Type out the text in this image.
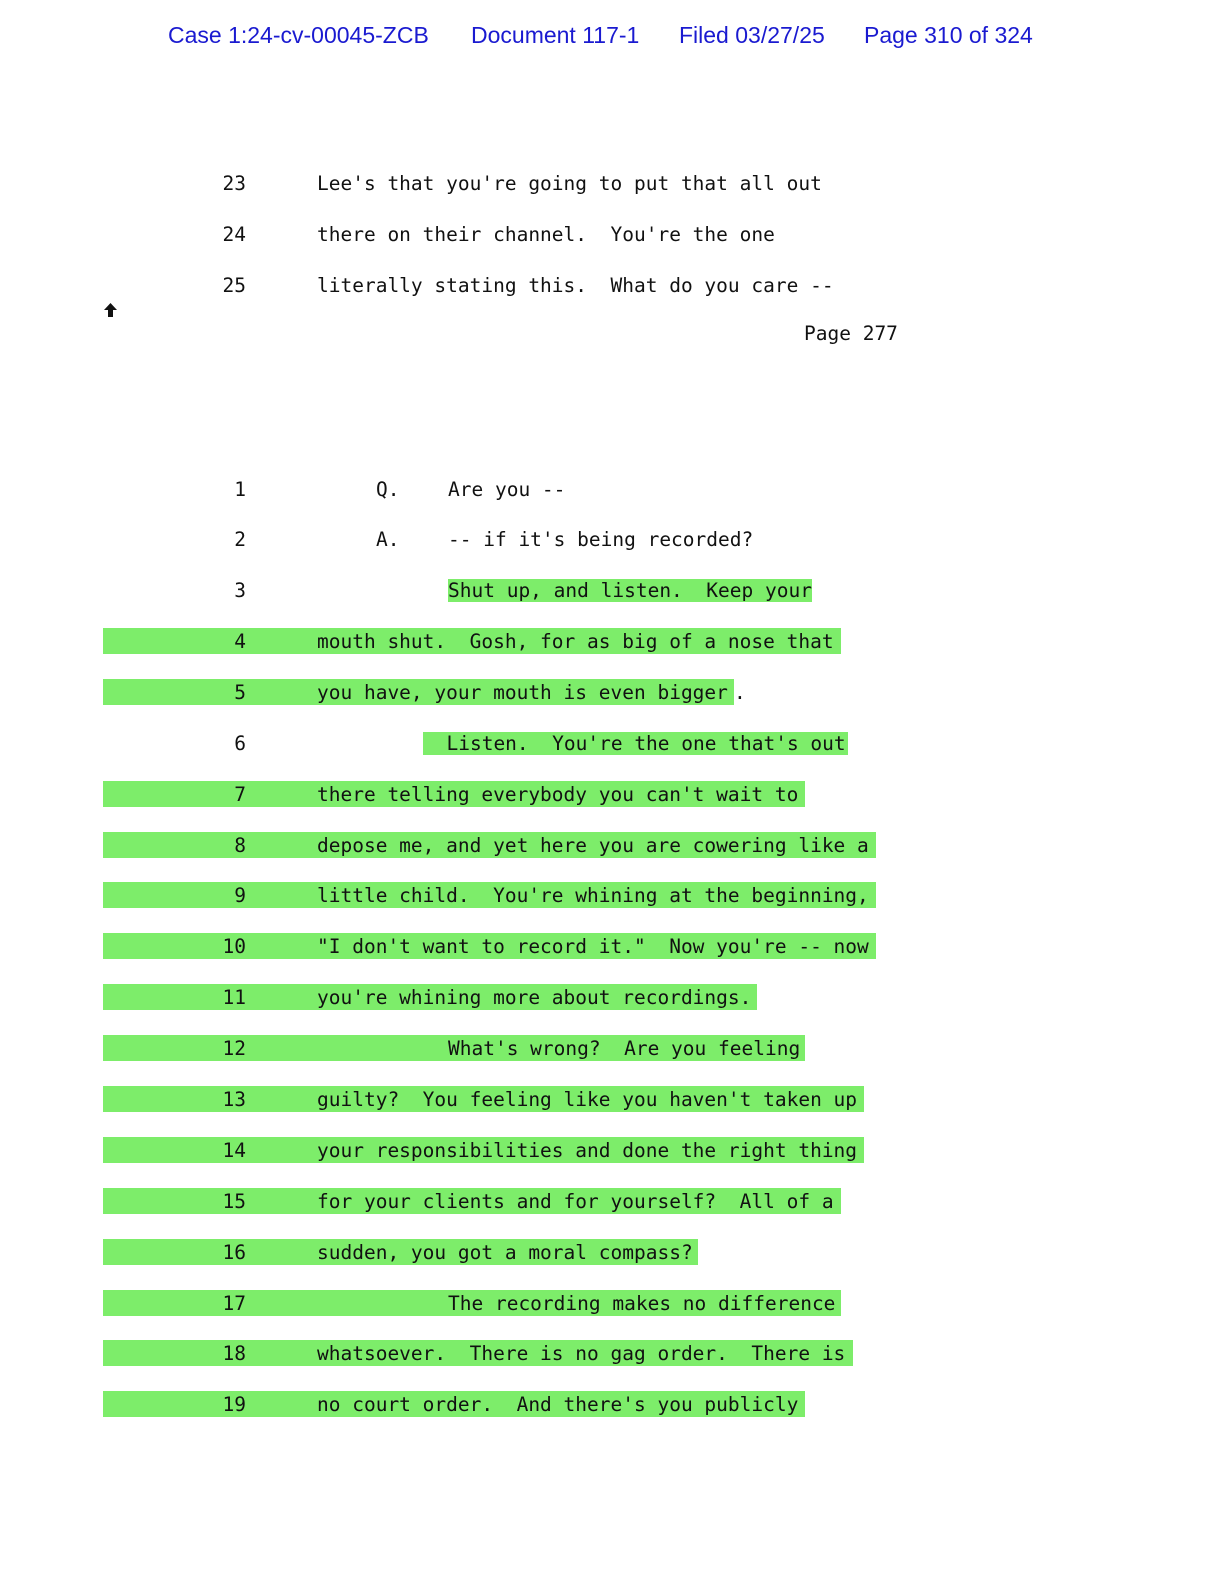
Case 1:24-cv-00045-ZCB Document 117-1 Filed 03/27/25 Page 310 of 324
23	Lee's that you're going to put that all out
24	there on their channel.  You're the one
25	literally stating this.  What do you care --
Page 277
1	Q. Are you --
2	A. -- if it's being recorded?
3	Shut up, and listen.  Keep your
4	mouth shut.  Gosh, for as big of a nose that
5	you have, your mouth is even bigger .
6	Listen.  You're the one that's out
7	there telling everybody you can't wait to
8	depose me, and yet here you are cowering like a
9	little child.  You're whining at the beginning,
10	"I don't want to record it."  Now you're -- now
11	you're whining more about recordings.
12	What's wrong?  Are you feeling
13	guilty?  You feeling like you haven't taken up
14	your responsibilities and done the right thing
15	for your clients and for yourself?  All of a
16	sudden, you got a moral compass?
17	The recording makes no difference
18	whatsoever.  There is no gag order.  There is
19	no court order.  And there's you publicly
